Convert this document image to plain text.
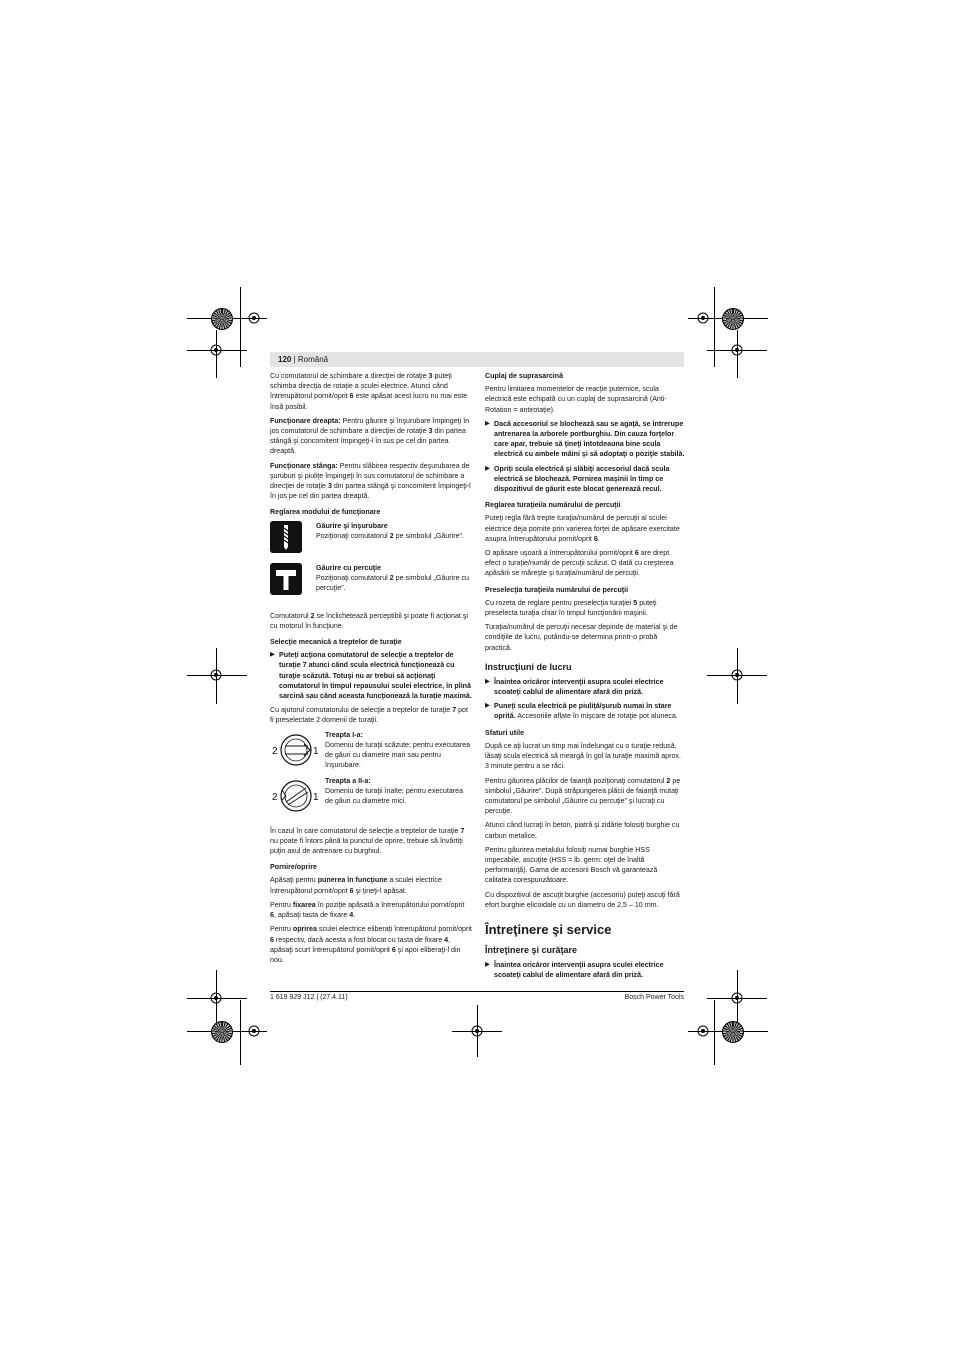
120 | Română

Cu comutatorul de schimbare a direcţiei de rotaţie 3 puteţi schimba direcţia de rotaţie a sculei electrice. Atunci când întrerupătorul pornit/oprit 6 este apăsat acest lucru nu mai este însă posibil.

Funcţionare dreapta: Pentru găurire şi înşurubare împingeţi în jos comutatorul de schimbare a direcţiei de rotaţie 3 din partea stângă şi concomitent împingeţi-l în sus pe cel din partea dreaptă.

Funcţionare stânga: Pentru slăbirea respectiv deşurubarea de şuruburi şi piuliţe împingeţi în sus comutatorul de schimbare a direcţiei de rotaţie 3 din partea stângă şi concomitent împingeţi-l în jos pe cel din partea dreaptă.

Reglarea modului de funcţionare
Găurire şi înşurubare
Poziţionaţi comutatorul 2 pe simbolul „Găurire”.
Găurire cu percuţie
Poziţionaţi comutatorul 2 pe simbolul „Găurire cu percuţie”.

Comutatorul 2 se înclichetează perceptibil şi poate fi acţionat şi cu motorul în funcţiune.

Selecţie mecanică a treptelor de turaţie
▶ Puteţi acţiona comutatorul de selecţie a treptelor de turaţie 7 atunci când scula electrică funcţionează cu turaţie scăzută. Totuşi nu ar trebui să acţionaţi comutatorul în timpul repausului sculei electrice, în plină sarcină sau când aceasta funcţionează la turaţie maximă.

Cu ajutorul comutatorului de selecţie a treptelor de turaţie 7 pot fi preselectate 2 domenii de turaţii.

2	1
Treapta I-a:
Domeniu de turaţii scăzute; pentru executarea de găuri cu diametre mari sau pentru înşurubare.
2	1
Treapta a II-a:
Domeniu de turaţii înalte; pentru executarea de găuri cu diametre mici.

În cazul în care comutatorul de selecţie a treptelor de turaţie 7 nu poate fi întors până la punctul de oprire, trebuie să învârtiţi puţin axul de antrenare cu burghiul.

Pornire/oprire

Apăsaţi pentru punerea în funcţiune a sculei electrice întrerupătorul pornit/oprit 6 şi ţineţi-l apăsat.

Pentru fixarea în poziţie apăsată a întrerupătorului pornit/oprit 6, apăsaţi tasta de fixare 4.

Pentru oprirea sculei electrice eliberaţi întrerupătorul pornit/oprit 6 respectiv, dacă acesta a fost blocat cu tasta de fixare 4, apăsaţi scurt întrerupătorul pornit/oprit 6 şi apoi eliberaţi-l din nou.

Cuplaj de suprasarcină

Pentru limitarea momentelor de reacţie puternice, scula electrică este echipată cu un cuplaj de suprasarcină (Anti-Rotation = antirotaţie).

▶ Dacă accesoriul se blochează sau se agaţă, se întrerupe antrenarea la arborele portburghiu. Din cauza forţelor care apar, trebuie să ţineţi întotdeauna bine scula electrică cu ambele mâini şi să adoptaţi o poziţie stabilă.
▶ Opriţi scula electrică şi slăbiţi accesoriul dacă scula electrică se blochează. Pornirea maşinii în timp ce dispozitivul de găurit este blocat generează recul.
Reglarea turaţiei/a numărului de percuţii

Puteţi regla fără trepte turaţia/numărul de percuţii al sculei electrice deja pornite prin varierea forţei de apăsare exercitate asupra întrerupătorului pornit/oprit 6.

O apăsare uşoară a întrerupătorului pornit/oprit 6 are drept efect o turaţie/număr de percuţii scăzut. O dată cu creşterea apăsării se măreşte şi turaţia/numărul de percuţii.

Preselecţia turaţiei/a numărului de percuţii

Cu rozeta de reglare pentru preselecţia turaţiei 5 puteţi preselecta turaţia chiar în timpul funcţionării maşinii.

Turaţia/numărul de percuţii necesar depinde de material şi de condiţiile de lucru, putându-se determina printr-o probă practică.

Instrucţiuni de lucru
▶ Înaintea oricăror intervenţii asupra sculei electrice scoateţi cablul de alimentare afară din priză.
▶ Puneţi scula electrică pe piuliţă/şurub numai în stare oprită. Accesoriile aflate în mişcare de rotaţie pot aluneca.
Sfaturi utile

După ce aţi lucrat un timp mai îndelungat cu o turaţie redusă, lăsaţi scula electrică să meargă în gol la turaţie maximă aprox. 3 minute pentru a se răci.

Pentru găurirea plăcilor de faianţă poziţionaţi comutatorul 2 pe simbolul „Găurire”. După străpungerea plăcii de faianţă mutaţi comutatorul pe simbolul „Găurire cu percuţie” şi lucraţi cu percuţie.

Atunci când lucraţi în beton, piatră şi zidărie folosiţi burghie cu carburi metalice.

Pentru găurirea metalului folosiţi numai burghie HSS impecabile, ascuţite (HSS = lb. germ: oţel de înaltă performanţă). Gama de accesorii Bosch vă garantează calitatea corespunzătoare.

Cu dispozitivul de ascuţit burghie (accesoriu) puteţi ascuţi fără efort burghie elicoidale cu un diametru de 2,5 – 10 mm.

Întreţinere şi service
Întreţinere şi curăţare
▶ Înaintea oricăror intervenţii asupra sculei electrice scoateţi cablul de alimentare afară din priză.
1 619 929 J12 | (27.4.11)	Bosch Power Tools
